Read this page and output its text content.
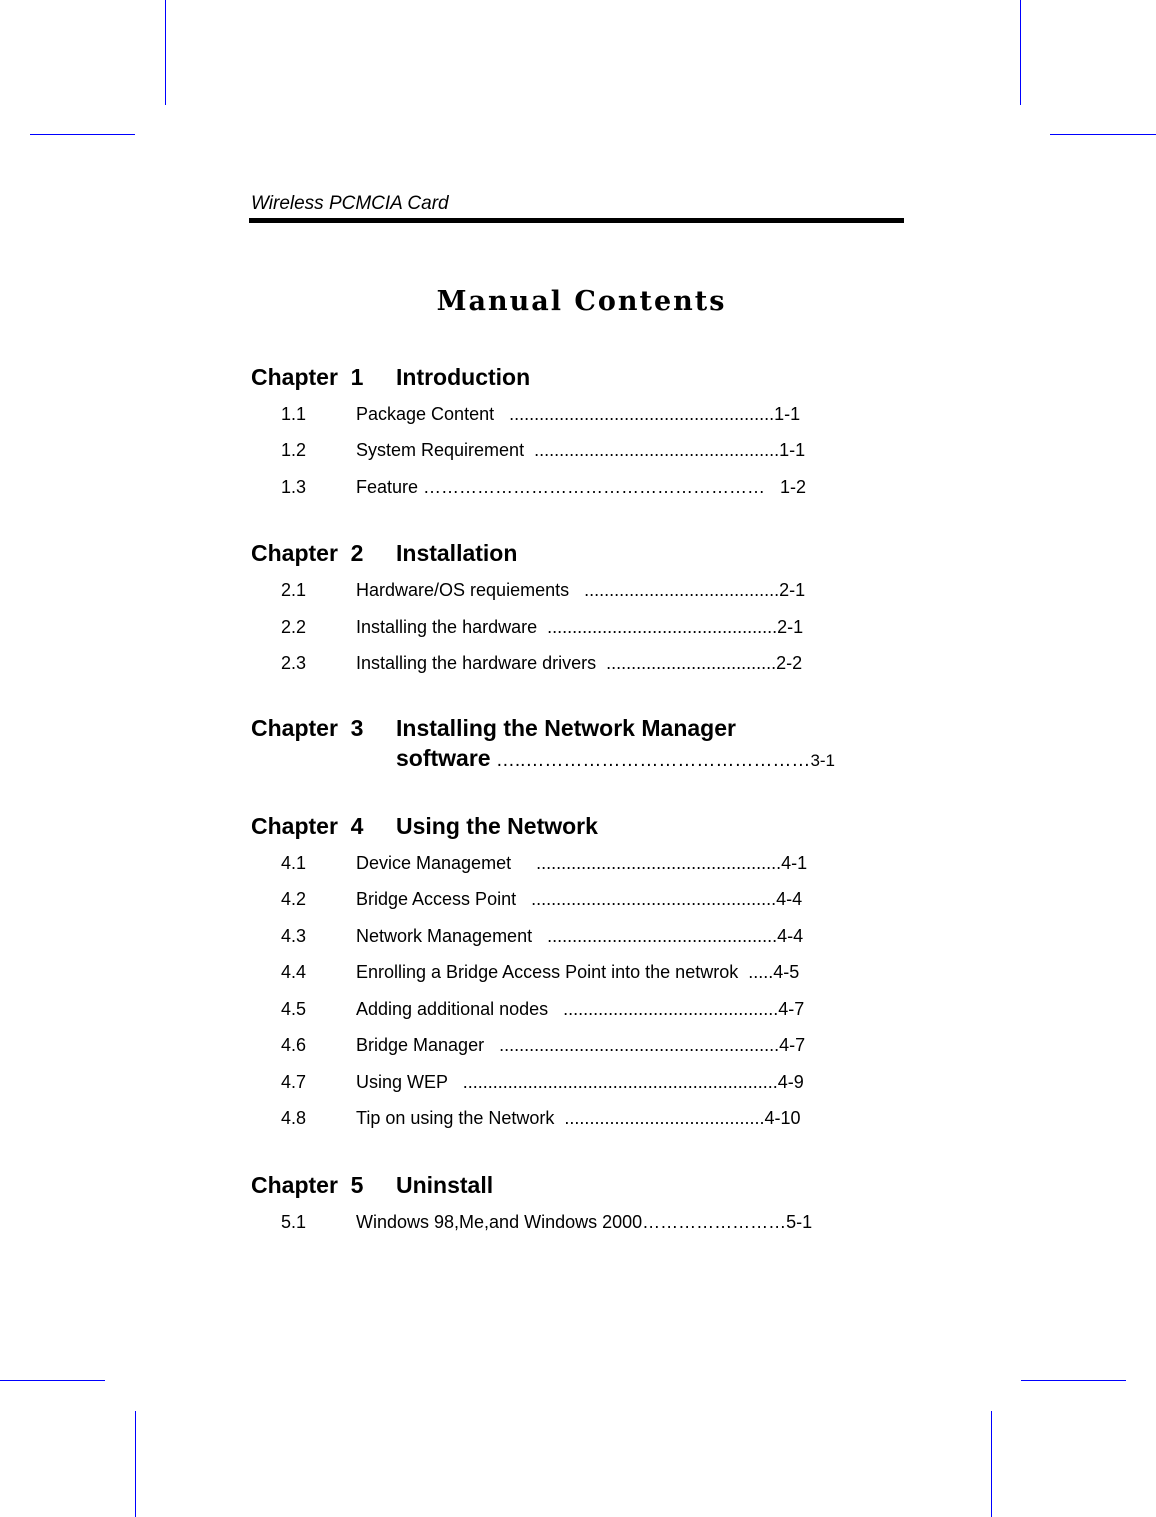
Wireless PCMCIA Card
Manual Contents
Chapter  1 Introduction
1.1	Package Content   .....................................................1-1
1.2	System Requirement  .................................................1-1
1.3	Feature …………………………………………………   1-2
Chapter  2 Installation
2.1	Hardware/OS requiements   .......................................2-1
2.2	Installing the hardware  ..............................................2-1
2.3	Installing the hardware drivers  ..................................2-2
Chapter  3 Installing the Network Manager
software …..………………………………………3-1
Chapter  4 Using the Network
4.1	Device Managemet     .................................................4-1
4.2	Bridge Access Point   .................................................4-4
4.3	Network Management   ..............................................4-4
4.4	Enrolling a Bridge Access Point into the netwrok  .....4-5
4.5	Adding additional nodes   ...........................................4-7
4.6	Bridge Manager   ........................................................4-7
4.7	Using WEP   ...............................................................4-9
4.8	Tip on using the Network  ........................................4-10
Chapter  5 Uninstall
5.1	Windows 98,Me,and Windows 2000……………………5-1
